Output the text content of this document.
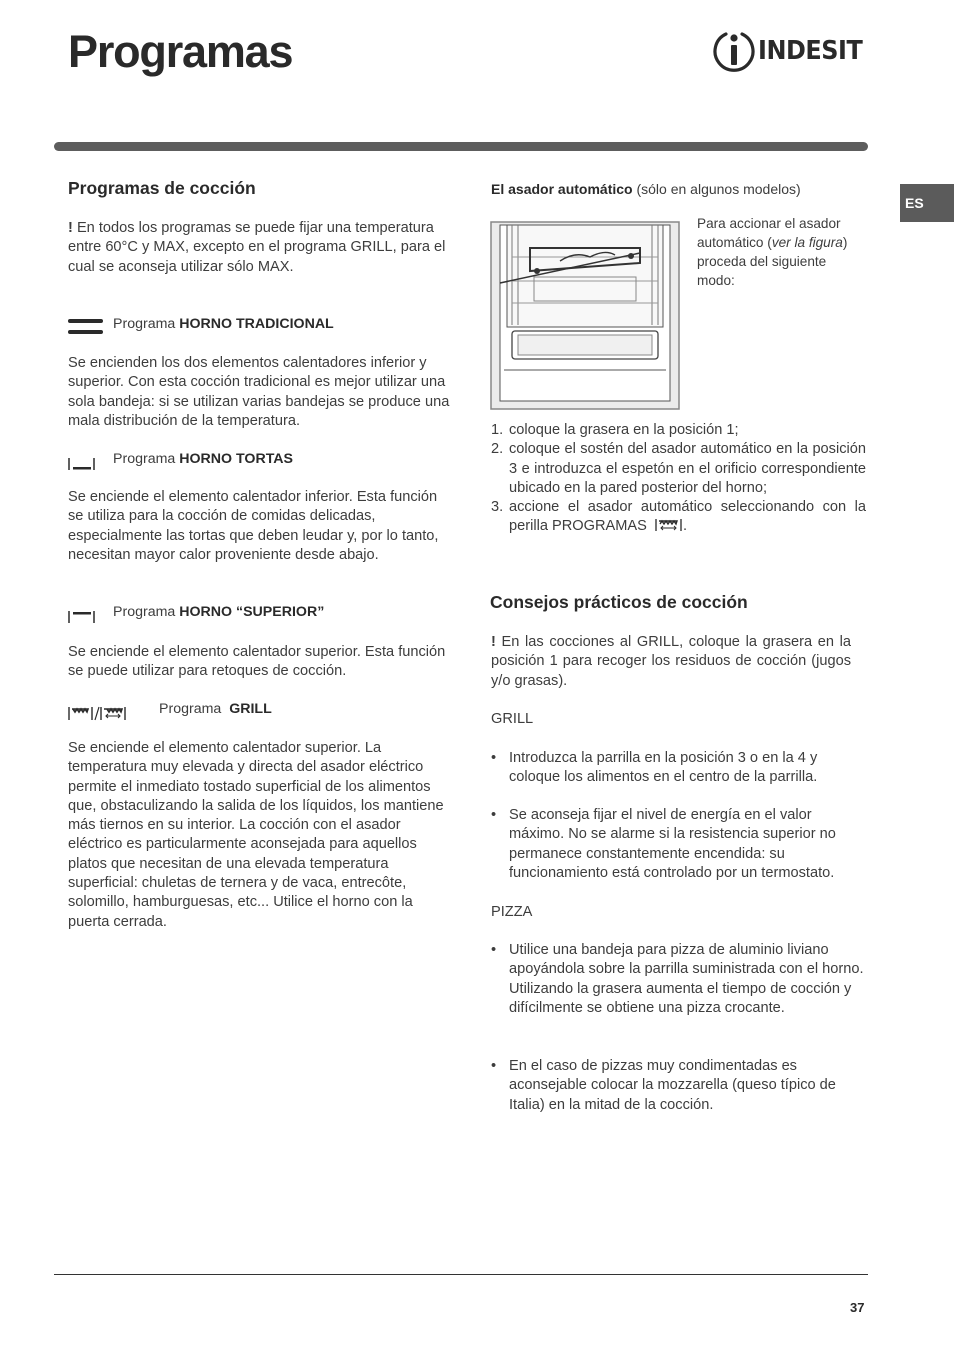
Programas	INDESIT
ES
Programas de cocción

! En todos los programas se puede fijar una temperatura entre 60°C y MAX, excepto en el programa GRILL, para el cual se aconseja utilizar sólo MAX.

Programa HORNO TRADICIONAL

Se encienden los dos elementos calentadores inferior y superior. Con esta cocción tradicional es mejor utilizar una sola bandeja: si se utilizan varias bandejas se produce una mala distribución de la temperatura.

Programa HORNO TORTAS

Se enciende el elemento calentador inferior. Esta función se utiliza para la cocción de comidas delicadas, especialmente las tortas que deben leudar y, por lo tanto, necesitan mayor calor proveniente desde abajo.

Programa HORNO “SUPERIOR”

Se enciende el elemento calentador superior. Esta función se puede utilizar para retoques de cocción.

Programa GRILL

Se enciende el elemento calentador superior. La temperatura muy elevada y directa del asador eléctrico permite el inmediato tostado superficial de los alimentos que, obstaculizando la salida de los líquidos, los mantiene más tiernos en su interior. La cocción con el asador eléctrico es particularmente aconsejada para aquellos platos que necesitan de una elevada temperatura superficial: chuletas de ternera y de vaca, entrecôte, solomillo, hamburguesas, etc... Utilice el horno con la puerta cerrada.

El asador automático (sólo en algunos modelos)

Para accionar el asador automático (ver la figura) proceda del siguiente modo:

1. coloque la grasera en la posición 1;
2. coloque el sostén del asador automático en la posición 3 e introduzca el espetón en el orificio correspondiente ubicado en la pared posterior del horno;
3. accione el asador automático seleccionando con la perilla PROGRAMAS .
Consejos prácticos de cocción

! En las cocciones al GRILL, coloque la grasera en la posición 1 para recoger los residuos de cocción (jugos y/o grasas).

GRILL

• Introduzca la parrilla en la posición 3 o en la 4 y coloque los alimentos en el centro de la parrilla.

• Se aconseja fijar el nivel de energía en el valor máximo. No se alarme si la resistencia superior no permanece constantemente encendida: su funcionamiento está controlado por un termostato.

PIZZA

• Utilice una bandeja para pizza de aluminio liviano apoyándola sobre la parrilla suministrada con el horno.
Utilizando la grasera aumenta el tiempo de cocción y difícilmente se obtiene una pizza crocante.

• En el caso de pizzas muy condimentadas es aconsejable colocar la mozzarella (queso típico de Italia) en la mitad de la cocción.

37
